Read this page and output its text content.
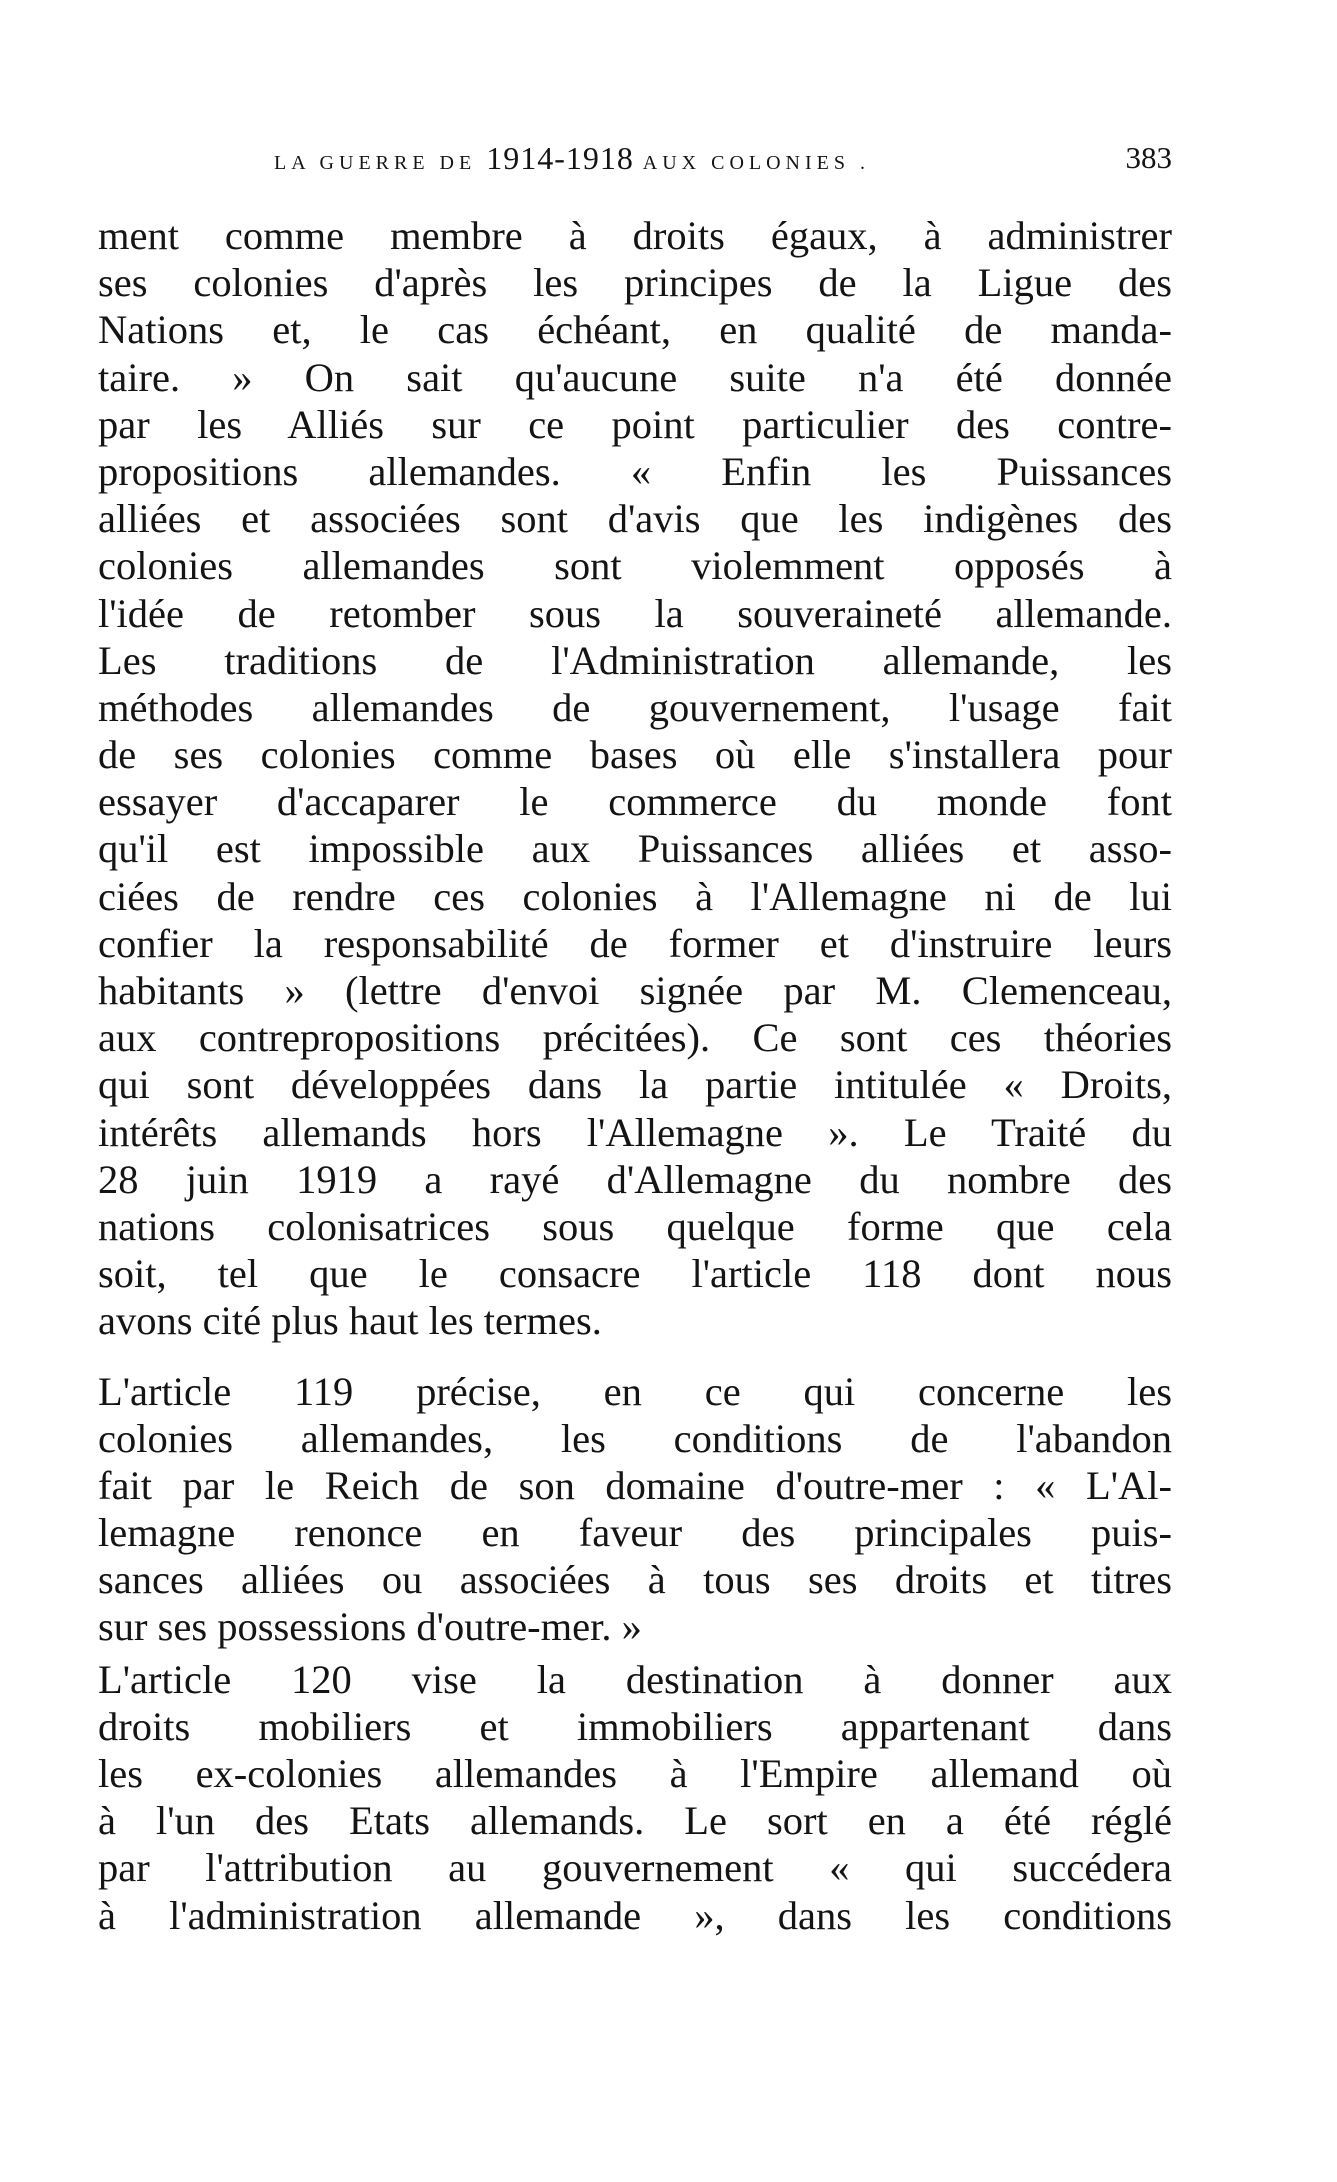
LA GUERRE DE 1914-1918 AUX COLONIES .	383

ment comme membre à droits égaux, à administrer
ses colonies d'après les principes de la Ligue des
Nations et, le cas échéant, en qualité de manda-
taire. » On sait qu'aucune suite n'a été donnée
par les Alliés sur ce point particulier des contre-
propositions allemandes. « Enfin les Puissances
alliées et associées sont d'avis que les indigènes des
colonies allemandes sont violemment opposés à
l'idée de retomber sous la souveraineté allemande.
Les traditions de l'Administration allemande, les
méthodes allemandes de gouvernement, l'usage fait
de ses colonies comme bases où elle s'installera pour
essayer d'accaparer le commerce du monde font
qu'il est impossible aux Puissances alliées et asso-
ciées de rendre ces colonies à l'Allemagne ni de lui
confier la responsabilité de former et d'instruire leurs
habitants » (lettre d'envoi signée par M. Clemenceau,
aux contrepropositions précitées). Ce sont ces théories
qui sont développées dans la partie intitulée « Droits,
intérêts allemands hors l'Allemagne ». Le Traité du
28 juin 1919 a rayé d'Allemagne du nombre des
nations colonisatrices sous quelque forme que cela
soit, tel que le consacre l'article 118 dont nous
avons cité plus haut les termes.

L'article 119 précise, en ce qui concerne les
colonies allemandes, les conditions de l'abandon
fait par le Reich de son domaine d'outre-mer : « L'Al-
lemagne renonce en faveur des principales puis-
sances alliées ou associées à tous ses droits et titres
sur ses possessions d'outre-mer. »

L'article 120 vise la destination à donner aux
droits mobiliers et immobiliers appartenant dans
les ex-colonies allemandes à l'Empire allemand où
à l'un des Etats allemands. Le sort en a été réglé
par l'attribution au gouvernement « qui succédera
à l'administration allemande », dans les conditions
